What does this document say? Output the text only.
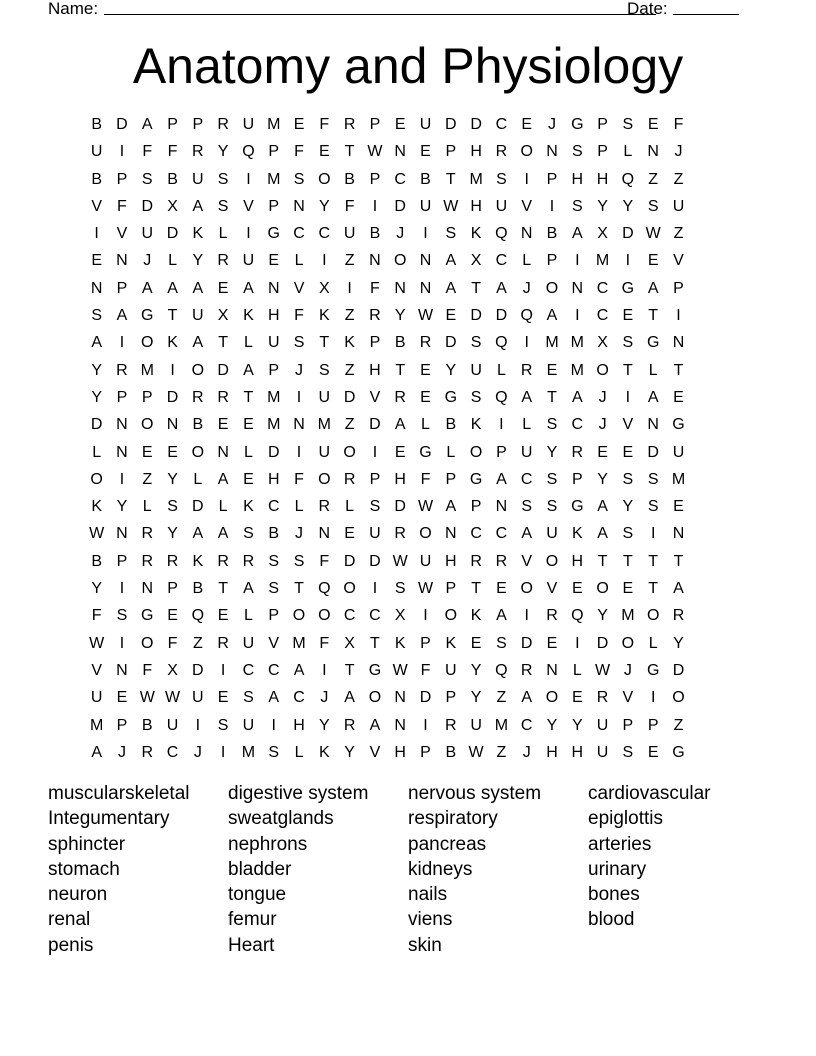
Name:	Date:
Anatomy and Physiology
B D A P P R U M E F R P E U D D C E J G P S E F
U	I	F F R Y Q P F E T W N E P H R O N S P L N J
B P S B U S	I	M S O B P C B T M S	I	P H H Q Z Z
V F D X A S V P N Y F	I	D U W H U V	I	S Y Y S U
I	V U D K L	I	G C C U B J	I	S K Q N B A X D W Z
E N J	L Y R U E L	I	Z N O N A X C L P	I	M	I	E V
N P A A A E A N V X	I	F N N A T A J O N C G A P
S A G T U X K H F K Z R Y W E D D Q A	I	C E T	I
A	I	O K A T L U S T K P B R D S Q	I	M M X S G N
Y R M	I	O D A P J S Z H T E Y U L R E M O T L T
Y P P D R R T M	I	U D V R E G S Q A T A J	I	A E
D N O N B E E M N M Z D A L B K	I	L S C J V N G
L N E E O N L D	I	U O	I	E G L O P U Y R E E D U
O	I	Z Y L A E H F O R P H F P G A C S P Y S S M
K Y L S D L K C L R L S D W A P N S S G A Y S E
W N R Y A A S B J N E U R O N C C A U K A S	I	N
B P R R K R R S S F D D W U H R R V O H T T T T
Y	I	N P B T A S T Q O	I	S W P T E O V E O E T A
F S G E Q E L P O O C C X	I	O K A	I	R Q Y M O R
W I	O F Z R U V M F X T K P K E S D E	I	D O L Y
V N F X D	I	C C A	I	T G W F U Y Q R N L W J G D
U E W W U E S A C J A O N D P Y Z A O E R V	I	O
M P B U	I	S U	I	H Y R A N	I	R U M C Y Y U P P Z
A J R C J	I	M S L K Y V H P B W Z	J H H U S E G
muscularskeletal
Integumentary
sphincter
stomach
neuron
renal
penis
digestive system
sweatglands
nephrons
bladder
tongue
femur
Heart
nervous system
respiratory
pancreas
kidneys
nails
viens
skin
cardiovascular
epiglottis
arteries
urinary
bones
blood
